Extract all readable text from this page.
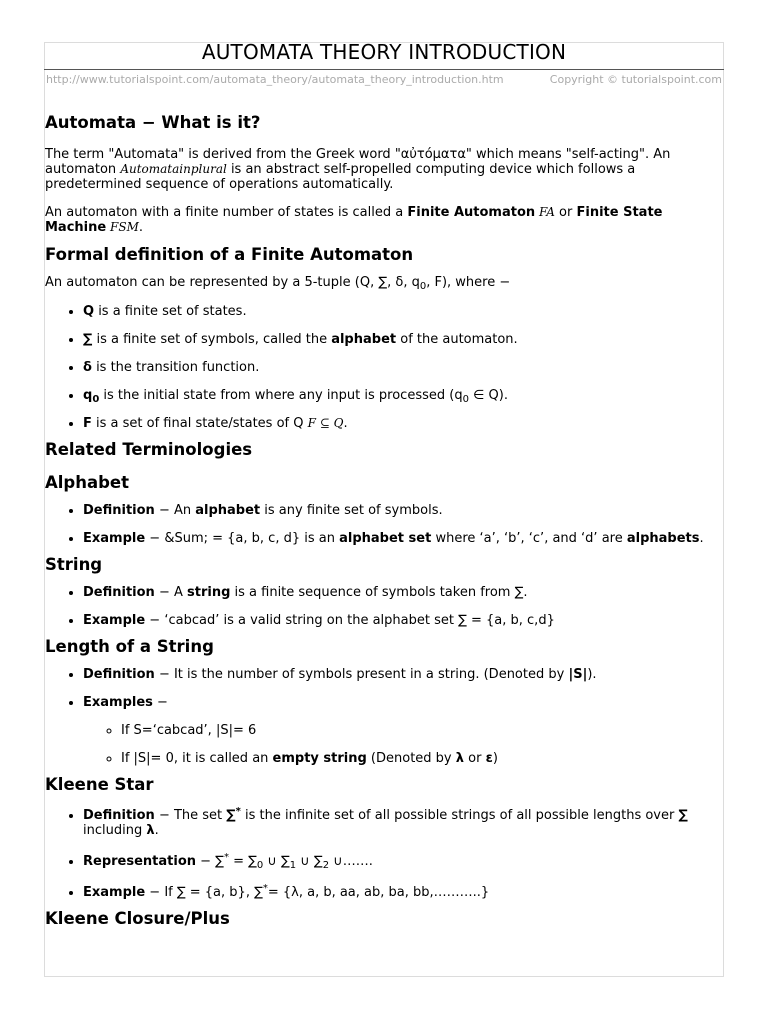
AUTOMATA THEORY INTRODUCTION
http://www.tutorialspoint.com/automata_theory/automata_theory_introduction.htm	Copyright © tutorialspoint.com
Automata − What is it?

The term "Automata" is derived from the Greek word "αὐτόματα" which means "self-acting". An automaton Automatainplural is an abstract self-propelled computing device which follows a predetermined sequence of operations automatically.

An automaton with a finite number of states is called a Finite Automaton FA or Finite State Machine FSM.

Formal definition of a Finite Automaton

An automaton can be represented by a 5-tuple (Q, ∑, δ, $q_0$, F), where −

• Q is a finite set of states.
• ∑ is a finite set of symbols, called the alphabet of the automaton.
• δ is the transition function.
• $q_0$ is the initial state from where any input is processed ($q_0$ ∈ Q).
• F is a set of final state/states of Q F ⊆ Q.
Related Terminologies
Alphabet
• Definition − An alphabet is any finite set of symbols.
• Example − &Sum; = {a, b, c, d} is an alphabet set where ‘a’, ‘b’, ‘c’, and ‘d’ are alphabets.
String
• Definition − A string is a finite sequence of symbols taken from ∑.
• Example − ‘cabcad’ is a valid string on the alphabet set ∑ = {a, b, c,d}
Length of a String
• Definition − It is the number of symbols present in a string. (Denoted by |S|).
• Examples −
◦ If S=‘cabcad’, |S|= 6
◦ If |S|= 0, it is called an empty string (Denoted by λ or ε)
Kleene Star
• Definition − The set ∑* is the infinite set of all possible strings of all possible lengths over ∑ including λ.
• Representation − $\sum^* = \sum_0$ ∪ $\sum_1$ ∪ $\sum_2$ ∪…….
• Example − If ∑ = {a, b}, ∑*= {λ, a, b, aa, ab, ba, bb,………..}
Kleene Closure/Plus
